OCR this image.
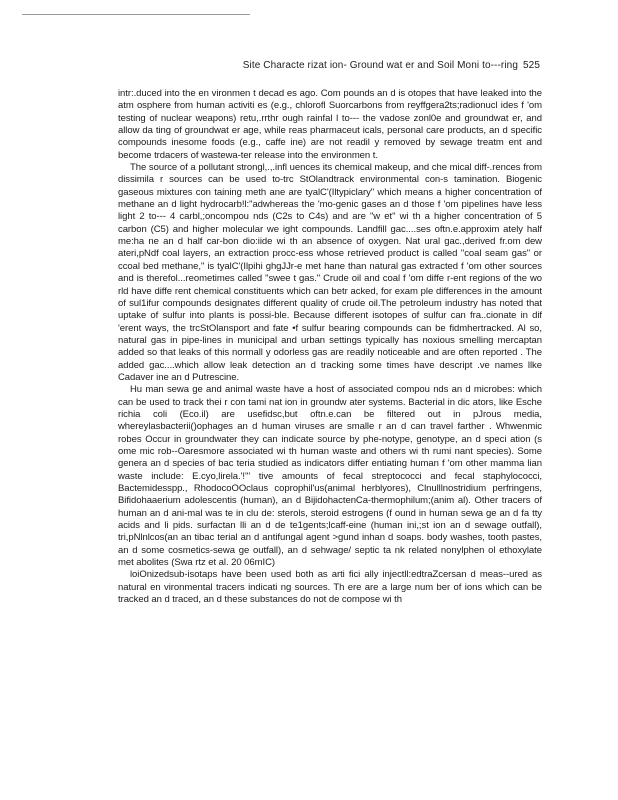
Site Characte rizat ion- Ground wat er and Soil Moni to---ring 525

intr:.duced into the en vironmen t decad es ago. Com pounds an d is otopes that have leaked into the atm osphere from human activiti es (e.g., chlorofl Suorcarbons from reyffgera2ts;radionucl ides f 'om testing of nuclear weapons) retu,.rrthr ough rainfal l to--- the vadose zonl0e and groundwat er, and allow da ting of groundwat er age, while reas pharmaceut icals, personal care products, an d specific compounds inesome foods (e.g., caffe ine) are not readil y removed by sewage treatm ent and become trdacers of wastewa-ter release into the environmen t.

The source of a pollutant strongl,.,.infl uences its chemical makeup, and che mical diff-.rences from dissimila r sources can be used to-trc StOlandtrack environmental con-s tamination. Biogenic gaseous mixtures con taining meth ane are tyalC'(Iltypiclary" which means a higher concentration of methane an d light hydrocarb!l:"adwhereas the 'mo-genic gases an d those f 'om pipelines have less light 2 to--- 4 carbl,;oncompou nds (C2s to C4s) and are "w et" wi th a higher concentration of 5 carbon (C5) and higher molecular we ight compounds. Landfill gac....ses oftn.e.approxim ately half me:ha ne an d half car-bon dio:iide wi th an absence of oxygen. Nat ural gac.,derived fr.om dew ateri,pNdf coal layers, an extraction procc-ess whose retrieved product is called "coal seam gas" or ccoal bed methane," is tyalC'(Ilpihi ghgJJr-e met hane than natural gas extracted f 'om other sources and is therefol...reometimes called "swee t gas." Crude oil and coal f 'om diffe r-ent regions of the wo rld have diffe rent chemical constituents which can betr acked, for exam ple differences in the amount of sul1ifur compounds designates different quality of crude oil.The petroleum industry has noted that uptake of sulfur into plants is possi-ble. Because different isotopes of sulfur can fra..cionate in dif 'erent ways, the trcStOlansport and fate •f sulfur bearing compounds can be fidmhertracked. Al so, natural gas in pipe-lines in municipal and urban settings typically has noxious smelling mercaptan added so that leaks of this normall y odorless gas are readily noticeable and are often reported . The added gac....which allow leak detection an d tracking some times have descript .ve names llke Cadaver ine an d Putrescine.

Hu man sewa ge and animal waste have a host of associated compou nds an d microbes: which can be used to track thei r con tami nat ion in groundw ater systems. Bacterial in dic ators, like Esche richia coli (Eco.il) are usefidsc,but oftn.e.can be filtered out in pJrous media, whereylasbacterii()ophages an d human viruses are smalle r an d can travel farther . Whwenmic robes Occur in groundwater they can indicate source by phe-notype, genotype, an d speci ation (s ome mic rob--Oaresmore associated wi th human waste and others wi th rumi nant species). Some genera an d species of bac teria studied as indicators differ entiating human f 'om other mamma lian waste include: E.cyo,lirela.'!'" tive amounts of fecal streptococci and fecal staphylococci, Bactemidesspp., RhodocoOOclaus coprophil'us(animal herblyores), Clnulllnostridium perfringens, Bifidohaaerium adolescentis (human), an d BijidohactenCa-thermophilum;(anim al). Other tracers of human an d ani-mal was te in clu de: sterols, steroid estrogens (f ound in human sewa ge an d fa tty acids and li pids. surfactan lli an d de te1gents;lcaff-eine (human ini,;st ion an d sewage outfall), tri,pNlnlcos(an an tibac terial an d antifungal agent >gund inhan d soaps. body washes, tooth pastes, an d some cosmetics-sewa ge outfall), an d sehwage/ septic ta nk related nonylphen ol ethoxylate met abolites (Swa rtz et al. 20 06mIC)

loiOnizedsub-isotaps have been used both as arti fici ally injectll:edtraZcersan d meas--ured as natural en vironmental tracers indicati ng sources. Th ere are a large num ber of ions which can be tracked an d traced, an d these substances do not de compose wi th
